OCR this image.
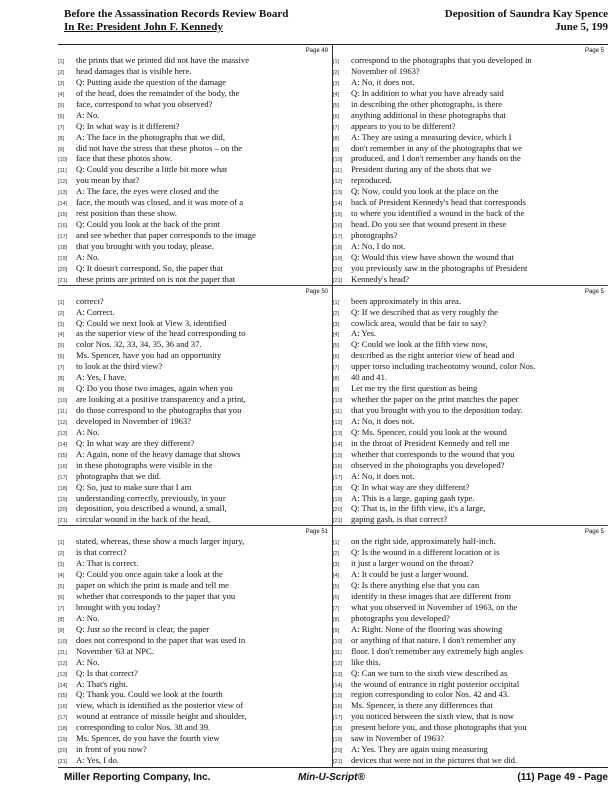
Before the Assassination Records Review Board
In Re: President John F. Kennedy
Deposition of Saundra Kay Spence
June 5, 199
Page 49
[1]	the prints that we printed did not have the massive
[2]	head damages that is visible here.
[3]	Q: Putting aside the question of the damage
[4]	of the head, does the remainder of the body, the
[5]	face, correspond to what you observed?
[6]	A: No.
[7]	Q: In what way is it different?
[8]	A: The face in the photographs that we did,
[9]	did not have the stress that these photos – on the
[10]	face that these photos show.
[11]	Q: Could you describe a little bit more what
[12]	you mean by that?
[13]	A: The face, the eyes were closed and the
[14]	face, the mouth was closed, and it was more of a
[15]	rest position than these show.
[16]	Q: Could you look at the back of the print
[17]	and see whether that paper corresponds to the image
[18]	that you brought with you today, please.
[19]	A: No.
[20]	Q: It doesn't correspond. So, the paper that
[21]	these prints are printed on is not the paper that
Page 5
[1]	correspond to the photographs that you developed in
[2]	November of 1963?
[3]	A: No, it does not.
[4]	Q: In addition to what you have already said
[5]	in describing the other photographs, is there
[6]	anything additional in these photographs that
[7]	appears to you to be different?
[8]	A: They are using a measuring device, which I
[9]	don't remember in any of the photographs that we
[10]	produced, and I don't remember any hands on the
[11]	President during any of the shots that we
[12]	reproduced.
[13]	Q: Now, could you look at the place on the
[14]	back of President Kennedy's head that corresponds
[15]	to where you identified a wound in the back of the
[16]	head. Do you see that wound present in these
[17]	photographs?
[18]	A: No, I do not.
[19]	Q: Would this view have shown the wound that
[20]	you previously saw in the photographs of President
[21]	Kennedy's head?
Page 50
[1]	correct?
[2]	A: Correct.
[3]	Q: Could we next look at View 3, identified
[4]	as the superior view of the head corresponding to
[5]	color Nos. 32, 33, 34, 35, 36 and 37.
[6]	Ms. Spencer, have you had an opportunity
[7]	to look at the third view?
[8]	A: Yes, I have.
[9]	Q: Do you those two images, again when you
[10]	are looking at a positive transparency and a print,
[11]	do those correspond to the photographs that you
[12]	developed in November of 1963?
[13]	A: No.
[14]	Q: In what way are they different?
[15]	A: Again, none of the heavy damage that shows
[16]	in these photographs were visible in the
[17]	photographs that we did.
[18]	Q: So, just to make sure that I am
[19]	understanding correctly, previously, in your
[20]	deposition, you described a wound, a small,
[21]	circular wound in the back of the head,
Page 5
[1]	been approximately in this area.
[2]	Q: If we described that as very roughly the
[3]	cowlick area, would that be fair to say?
[4]	A: Yes.
[5]	Q: Could we look at the fifth view now,
[6]	described as the right anterior view of head and
[7]	upper torso including tracheotomy wound, color Nos.
[8]	40 and 41.
[9]	Let me try the first question as being
[10]	whether the paper on the print matches the paper
[11]	that you brought with you to the deposition today.
[12]	A: No, it does not.
[13]	Q: Ms. Spencer, could you look at the wound
[14]	in the throat of President Kennedy and tell me
[15]	whether that corresponds to the wound that you
[16]	observed in the photographs you developed?
[17]	A: No, it does not.
[18]	Q: In what way are they different?
[19]	A: This is a large, gaping gash type.
[20]	Q: That is, in the fifth view, it's a large,
[21]	gaping gash, is that correct?
Page 51
[1]	stated, whereas, these show a much larger injury,
[2]	is that correct?
[3]	A: That is correct.
[4]	Q: Could you once again take a look at the
[5]	paper on which the print is made and tell me
[6]	whether that corresponds to the paper that you
[7]	brought with you today?
[8]	A: No.
[9]	Q: Just so the record is clear, the paper
[10]	does not correspond to the paper that was used in
[11]	November '63 at NPC.
[12]	A: No.
[13]	Q: Is that correct?
[14]	A: That's right.
[15]	Q: Thank you. Could we look at the fourth
[16]	view, which is identified as the posterior view of
[17]	wound at entrance of missile height and shoulder,
[18]	corresponding to color Nos. 38 and 39.
[19]	Ms. Spencer, do you have the fourth view
[20]	in front of you now?
[21]	A: Yes, I do.
Page 5
[1]	on the right side, approximately half-inch.
[2]	Q: Is the wound in a different location or is
[3]	it just a larger wound on the throat?
[4]	A: It could be just a larger wound.
[5]	Q: Is there anything else that you can
[6]	identify in these images that are different from
[7]	what you observed in November of 1963, on the
[8]	photographs you developed?
[9]	A: Right. None of the flooring was showing
[10]	or anything of that nature. I don't remember any
[11]	floor. I don't remember any extremely high angles
[12]	like this.
[13]	Q: Can we turn to the sixth view described as
[14]	the wound of entrance in right posterior occipital
[15]	region corresponding to color Nos. 42 and 43.
[16]	Ms. Spencer, is there any differences that
[17]	you noticed between the sixth view, that is now
[18]	present before you, and those photographs that you
[19]	saw in November of 1963?
[20]	A: Yes. They are again using measuring
[21]	devices that were not in the pictures that we did.
Miller Reporting Company, Inc.	Min-U-Script®	(11) Page 49 - Page
